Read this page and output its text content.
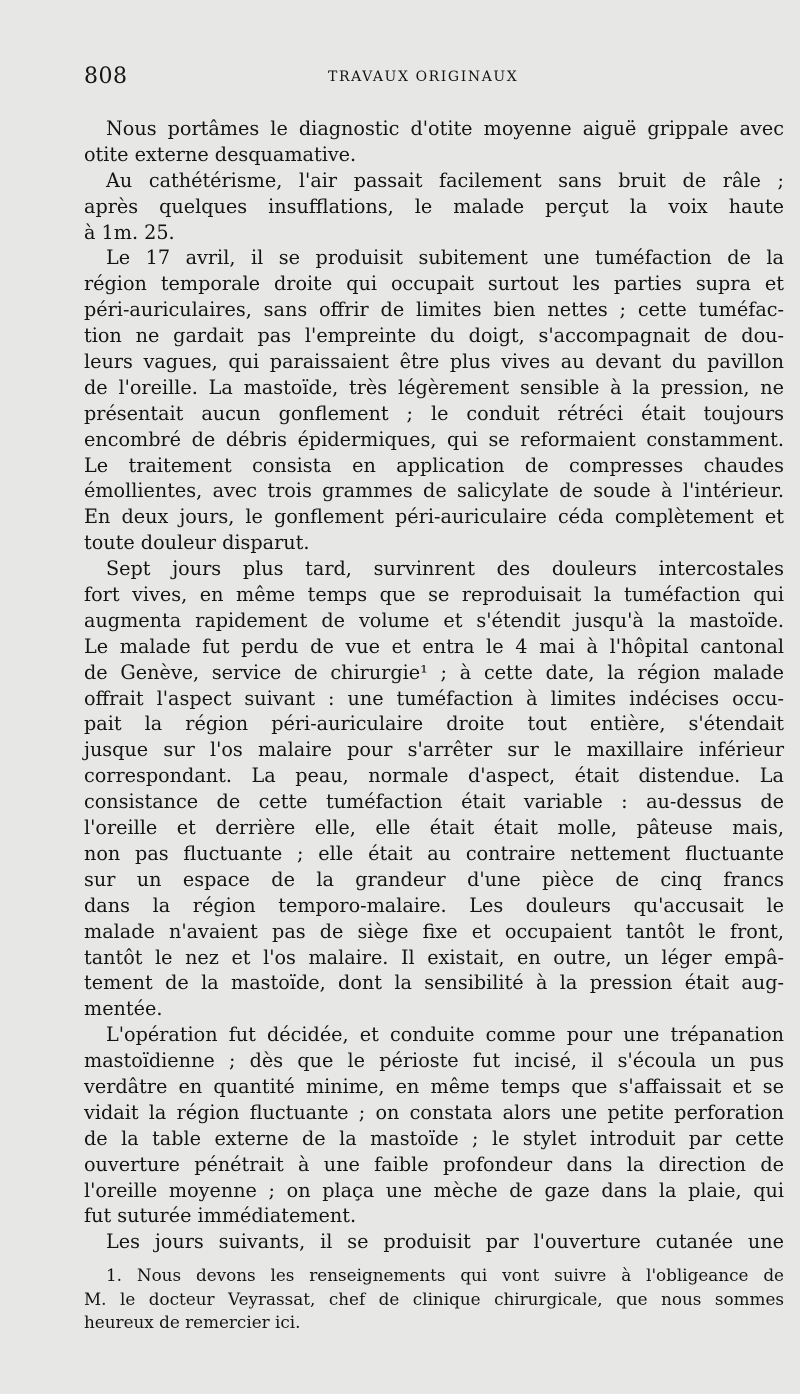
808	TRAVAUX ORIGINAUX
Nous portâmes le diagnostic d'otite moyenne aiguë grippale avec
otite externe desquamative.
Au cathétérisme, l'air passait facilement sans bruit de râle ;
après quelques insufflations, le malade perçut la voix haute
à 1m. 25.
Le 17 avril, il se produisit subitement une tuméfaction de la
région temporale droite qui occupait surtout les parties supra et
péri-auriculaires, sans offrir de limites bien nettes ; cette tuméfac-
tion ne gardait pas l'empreinte du doigt, s'accompagnait de dou-
leurs vagues, qui paraissaient être plus vives au devant du pavillon
de l'oreille. La mastoïde, très légèrement sensible à la pression, ne
présentait aucun gonflement ; le conduit rétréci était toujours
encombré de débris épidermiques, qui se reformaient constamment.
Le traitement consista en application de compresses chaudes
émollientes, avec trois grammes de salicylate de soude à l'intérieur.
En deux jours, le gonflement péri-auriculaire céda complètement et
toute douleur disparut.
Sept jours plus tard, survinrent des douleurs intercostales
fort vives, en même temps que se reproduisait la tuméfaction qui
augmenta rapidement de volume et s'étendit jusqu'à la mastoïde.
Le malade fut perdu de vue et entra le 4 mai à l'hôpital cantonal
de Genève, service de chirurgie¹ ; à cette date, la région malade
offrait l'aspect suivant : une tuméfaction à limites indécises occu-
pait la région péri-auriculaire droite tout entière, s'étendait
jusque sur l'os malaire pour s'arrêter sur le maxillaire inférieur
correspondant. La peau, normale d'aspect, était distendue. La
consistance de cette tuméfaction était variable : au-dessus de
l'oreille et derrière elle, elle était était molle, pâteuse mais,
non pas fluctuante ; elle était au contraire nettement fluctuante
sur un espace de la grandeur d'une pièce de cinq francs
dans la région temporo-malaire. Les douleurs qu'accusait le
malade n'avaient pas de siège fixe et occupaient tantôt le front,
tantôt le nez et l'os malaire. Il existait, en outre, un léger empâ-
tement de la mastoïde, dont la sensibilité à la pression était aug-
mentée.
L'opération fut décidée, et conduite comme pour une trépanation
mastoïdienne ; dès que le périoste fut incisé, il s'écoula un pus
verdâtre en quantité minime, en même temps que s'affaissait et se
vidait la région fluctuante ; on constata alors une petite perforation
de la table externe de la mastoïde ; le stylet introduit par cette
ouverture pénétrait à une faible profondeur dans la direction de
l'oreille moyenne ; on plaça une mèche de gaze dans la plaie, qui
fut suturée immédiatement.
Les jours suivants, il se produisit par l'ouverture cutanée une
1. Nous devons les renseignements qui vont suivre à l'obligeance de
M. le docteur Veyrassat, chef de clinique chirurgicale, que nous sommes
heureux de remercier ici.
